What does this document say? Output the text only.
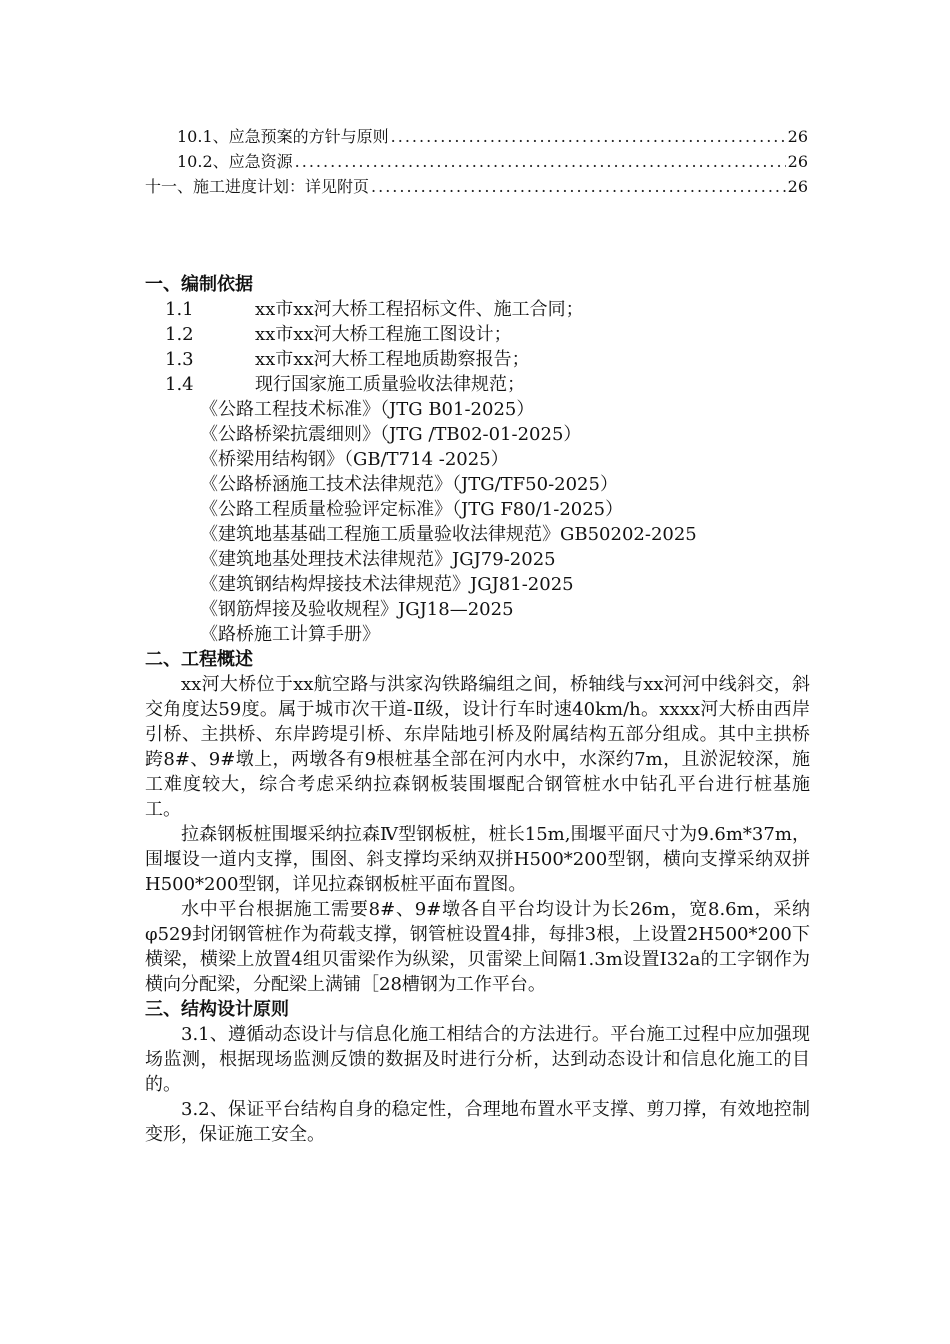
10.1、应急预案的方针与原则 .....	26
10.2、应急资源 .....	26
十一、施工进度计划：详见附页 .....	26
一、编制依据
1.1	xx市xx河大桥工程招标文件、施工合同；
1.2	xx市xx河大桥工程施工图设计；
1.3	xx市xx河大桥工程地质勘察报告；
1.4	现行国家施工质量验收法律规范；
《公路工程技术标准》（JTG B01-2025）
《公路桥梁抗震细则》（JTG /TB02-01-2025）
《桥梁用结构钢》（GB/T714 -2025）
《公路桥涵施工技术法律规范》（JTG/TF50-2025）
《公路工程质量检验评定标准》（JTG F80/1-2025）
《建筑地基基础工程施工质量验收法律规范》GB50202-2025
《建筑地基处理技术法律规范》JGJ79-2025
《建筑钢结构焊接技术法律规范》JGJ81-2025
《钢筋焊接及验收规程》JGJ18—2025
《路桥施工计算手册》
二、工程概述

xx河大桥位于xx航空路与洪家沟铁路编组之间，桥轴线与xx河河中线斜交，斜交角度达59度。属于城市次干道-Ⅱ级，设计行车时速40km/h。xxxx河大桥由西岸引桥、主拱桥、东岸跨堤引桥、东岸陆地引桥及附属结构五部分组成。其中主拱桥跨8#、9#墩上，两墩各有9根桩基全部在河内水中，水深约7m，且淤泥较深，施工难度较大，综合考虑采纳拉森钢板装围堰配合钢管桩水中钻孔平台进行桩基施工。

拉森钢板桩围堰采纳拉森Ⅳ型钢板桩，桩长15m,围堰平面尺寸为9.6m*37m，围堰设一道内支撑，围囹、斜支撑均采纳双拼H500*200型钢，横向支撑采纳双拼H500*200型钢，详见拉森钢板桩平面布置图。

水中平台根据施工需要8#、9#墩各自平台均设计为长26m，宽8.6m，采纳φ529封闭钢管桩作为荷载支撑，钢管桩设置4排，每排3根，上设置2H500*200下横梁，横梁上放置4组贝雷梁作为纵梁，贝雷梁上间隔1.3m设置I32a的工字钢作为横向分配梁，分配梁上满铺［28槽钢为工作平台。

三、结构设计原则

3.1、遵循动态设计与信息化施工相结合的方法进行。平台施工过程中应加强现场监测，根据现场监测反馈的数据及时进行分析，达到动态设计和信息化施工的目的。

3.2、保证平台结构自身的稳定性，合理地布置水平支撑、剪刀撑，有效地控制变形，保证施工安全。
